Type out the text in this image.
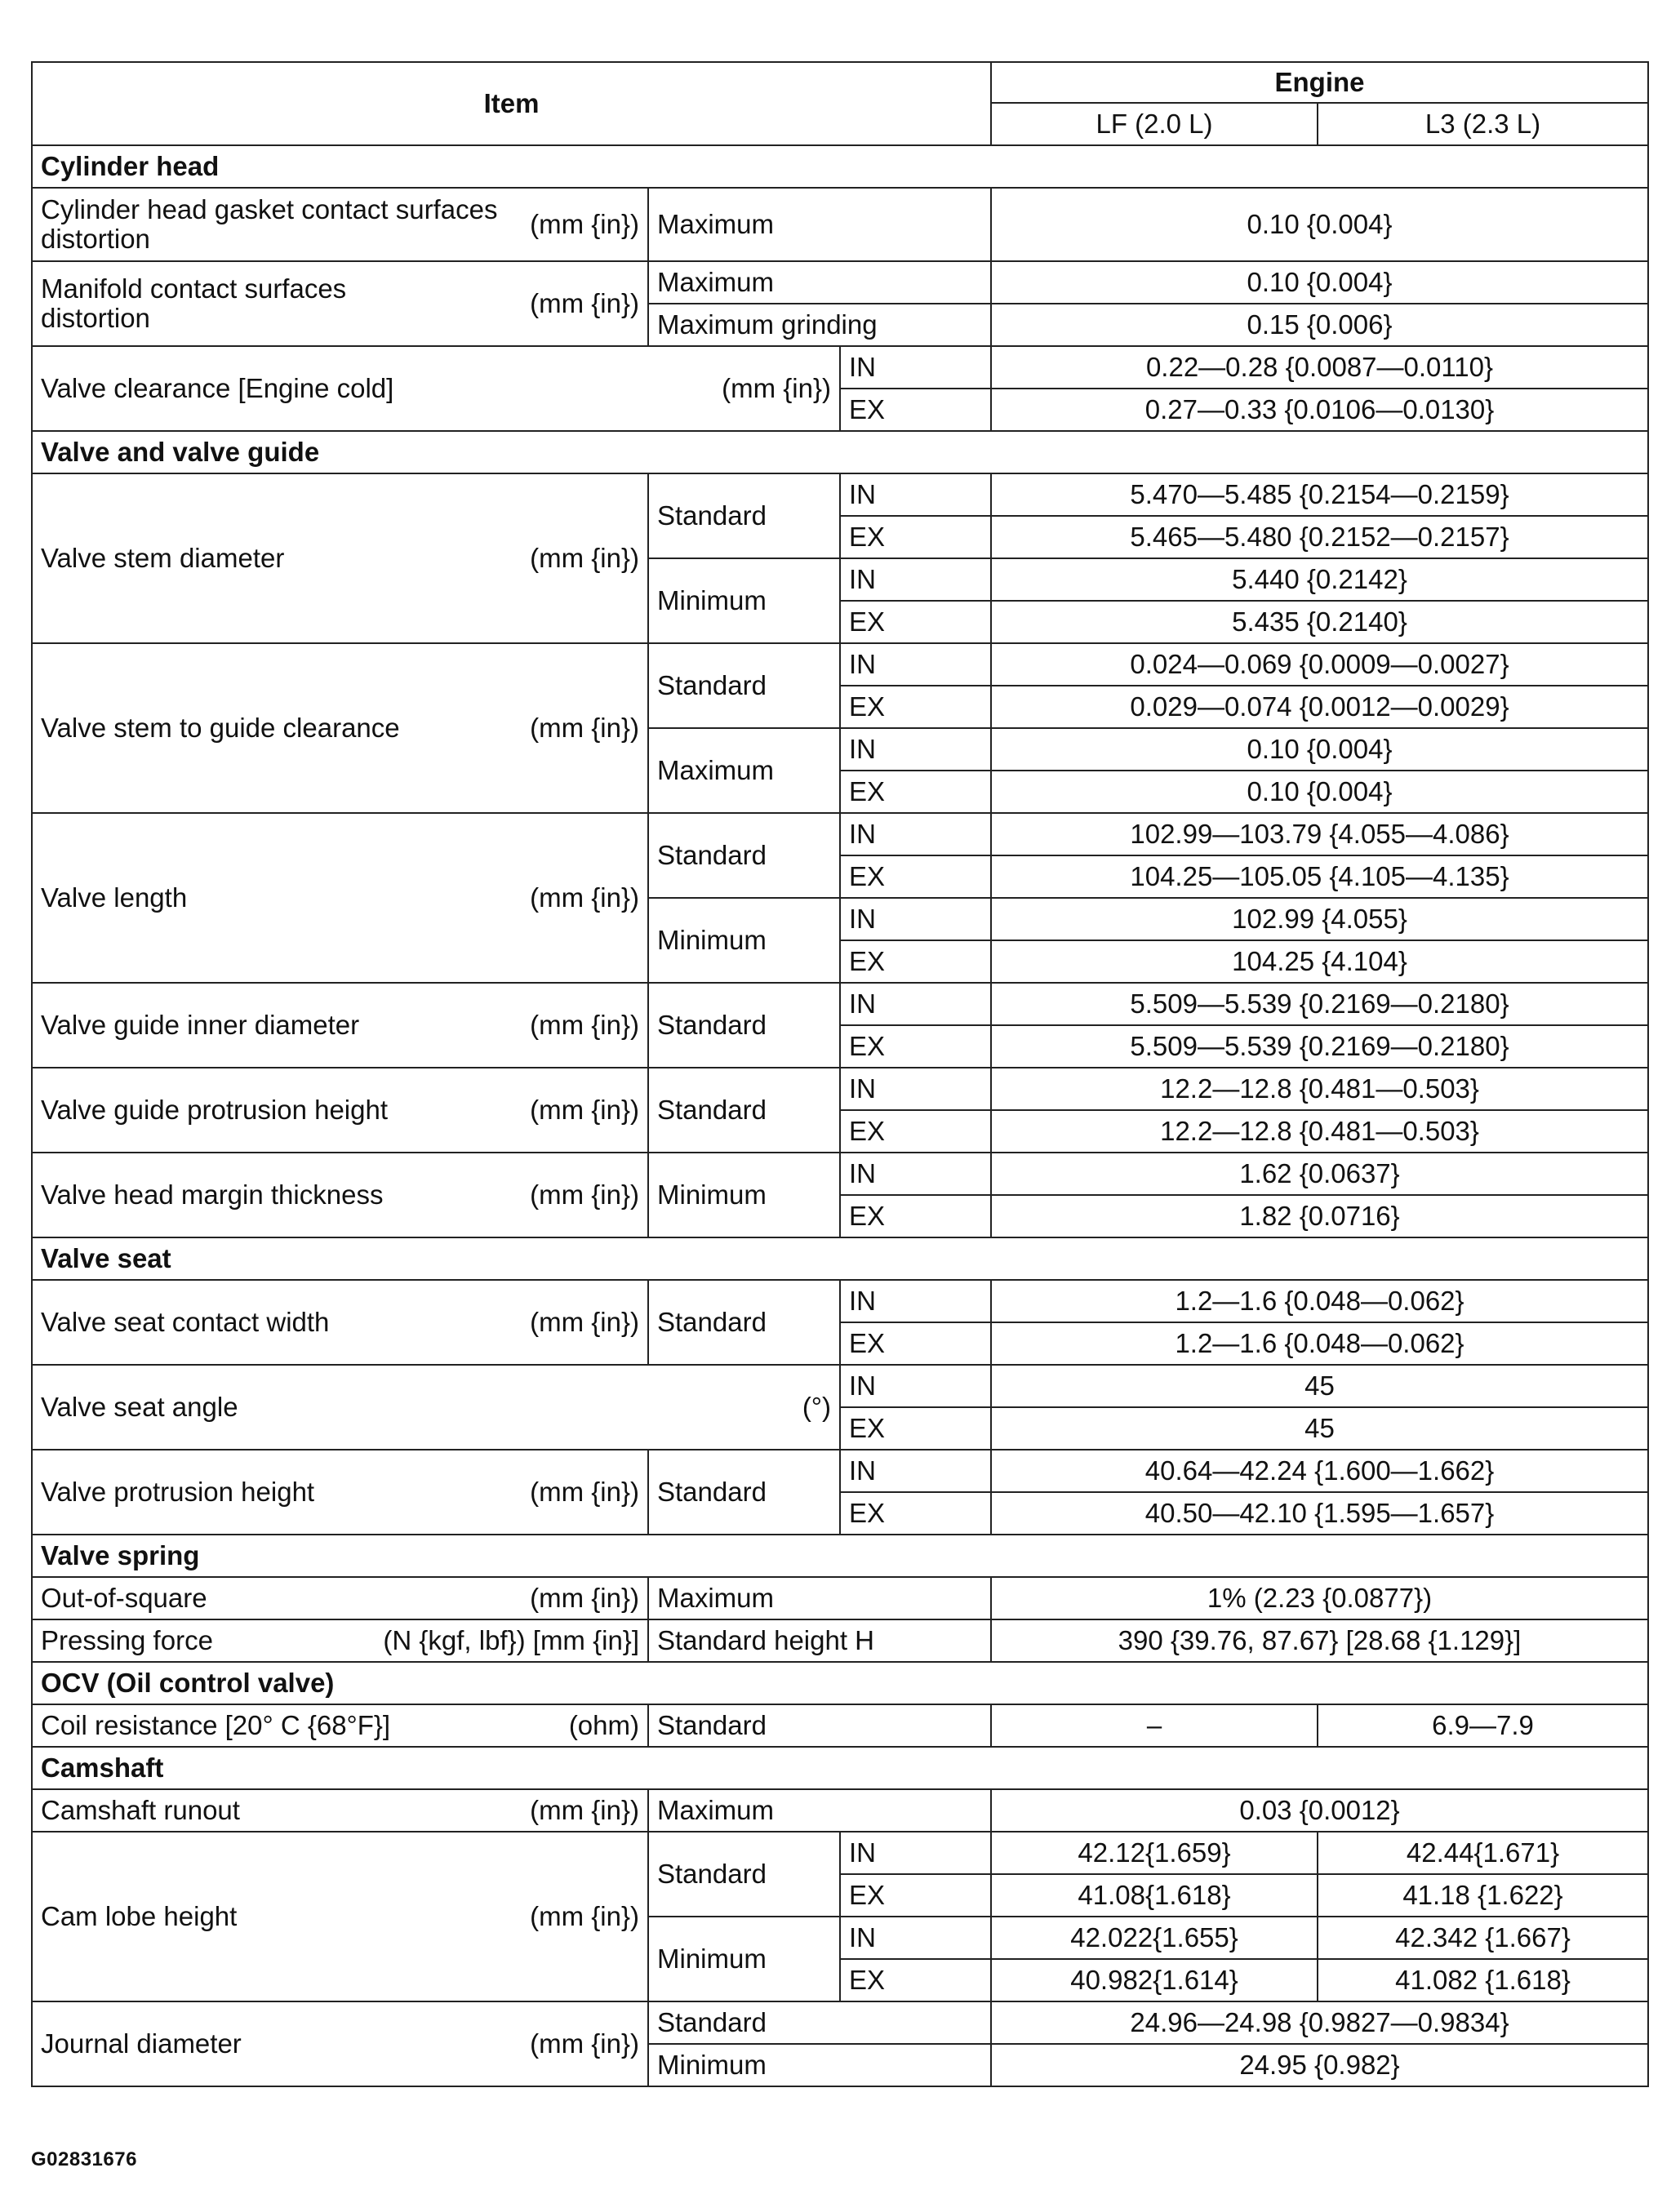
Item			Engine	
			LF (2.0 L)	L3 (2.3 L)
Cylinder head				

Cylinder head gasket contact surfaces distortion (mm {in})	Maximum		0.10 {0.004}	

Manifold contact surfaces distortion (mm {in})	Maximum		0.10 {0.004}	
	Maximum grinding		0.15 {0.006}	

Valve clearance [Engine cold] (mm {in})		IN	0.22—0.28 {0.0087—0.0110}	
		EX	0.27—0.33 {0.0106—0.0130}	
Valve and valve guide				

Valve stem diameter (mm {in})	Standard	IN	5.470—5.485 {0.2154—0.2159}	
		EX	5.465—5.480 {0.2152—0.2157}	
	Minimum	IN	5.440 {0.2142}	
		EX	5.435 {0.2140}	

Valve stem to guide clearance (mm {in})	Standard	IN	0.024—0.069 {0.0009—0.0027}	
		EX	0.029—0.074 {0.0012—0.0029}	
	Maximum	IN	0.10 {0.004}	
		EX	0.10 {0.004}	

Valve length (mm {in})	Standard	IN	102.99—103.79 {4.055—4.086}	
		EX	104.25—105.05 {4.105—4.135}	
	Minimum	IN	102.99 {4.055}	
		EX	104.25 {4.104}	

Valve guide inner diameter (mm {in})	Standard	IN	5.509—5.539 {0.2169—0.2180}	
		EX	5.509—5.539 {0.2169—0.2180}	

Valve guide protrusion height (mm {in})	Standard	IN	12.2—12.8 {0.481—0.503}	
		EX	12.2—12.8 {0.481—0.503}	

Valve head margin thickness (mm {in})	Minimum	IN	1.62 {0.0637}	
		EX	1.82 {0.0716}	
Valve seat				

Valve seat contact width (mm {in})	Standard	IN	1.2—1.6 {0.048—0.062}	
		EX	1.2—1.6 {0.048—0.062}	

Valve seat angle (°)		IN	45	
		EX	45	

Valve protrusion height (mm {in})	Standard	IN	40.64—42.24 {1.600—1.662}	
		EX	40.50—42.10 {1.595—1.657}	
Valve spring				

Out-of-square (mm {in})	Maximum		1% (2.23 {0.0877})	

Pressing force (N {kgf, lbf}) [mm {in}]	Standard height H		390 {39.76, 87.67} [28.68 {1.129}]	
OCV (Oil control valve)				

Coil resistance [20° C {68°F}] (ohm)	Standard		–	6.9—7.9
Camshaft				

Camshaft runout (mm {in})	Maximum		0.03 {0.0012}	

Cam lobe height (mm {in})	Standard	IN	42.12{1.659}	42.44{1.671}
		EX	41.08{1.618}	41.18 {1.622}
	Minimum	IN	42.022{1.655}	42.342 {1.667}
		EX	40.982{1.614}	41.082 {1.618}

Journal diameter (mm {in})	Standard		24.96—24.98 {0.9827—0.9834}	
	Minimum		24.95 {0.982}	
G02831676
